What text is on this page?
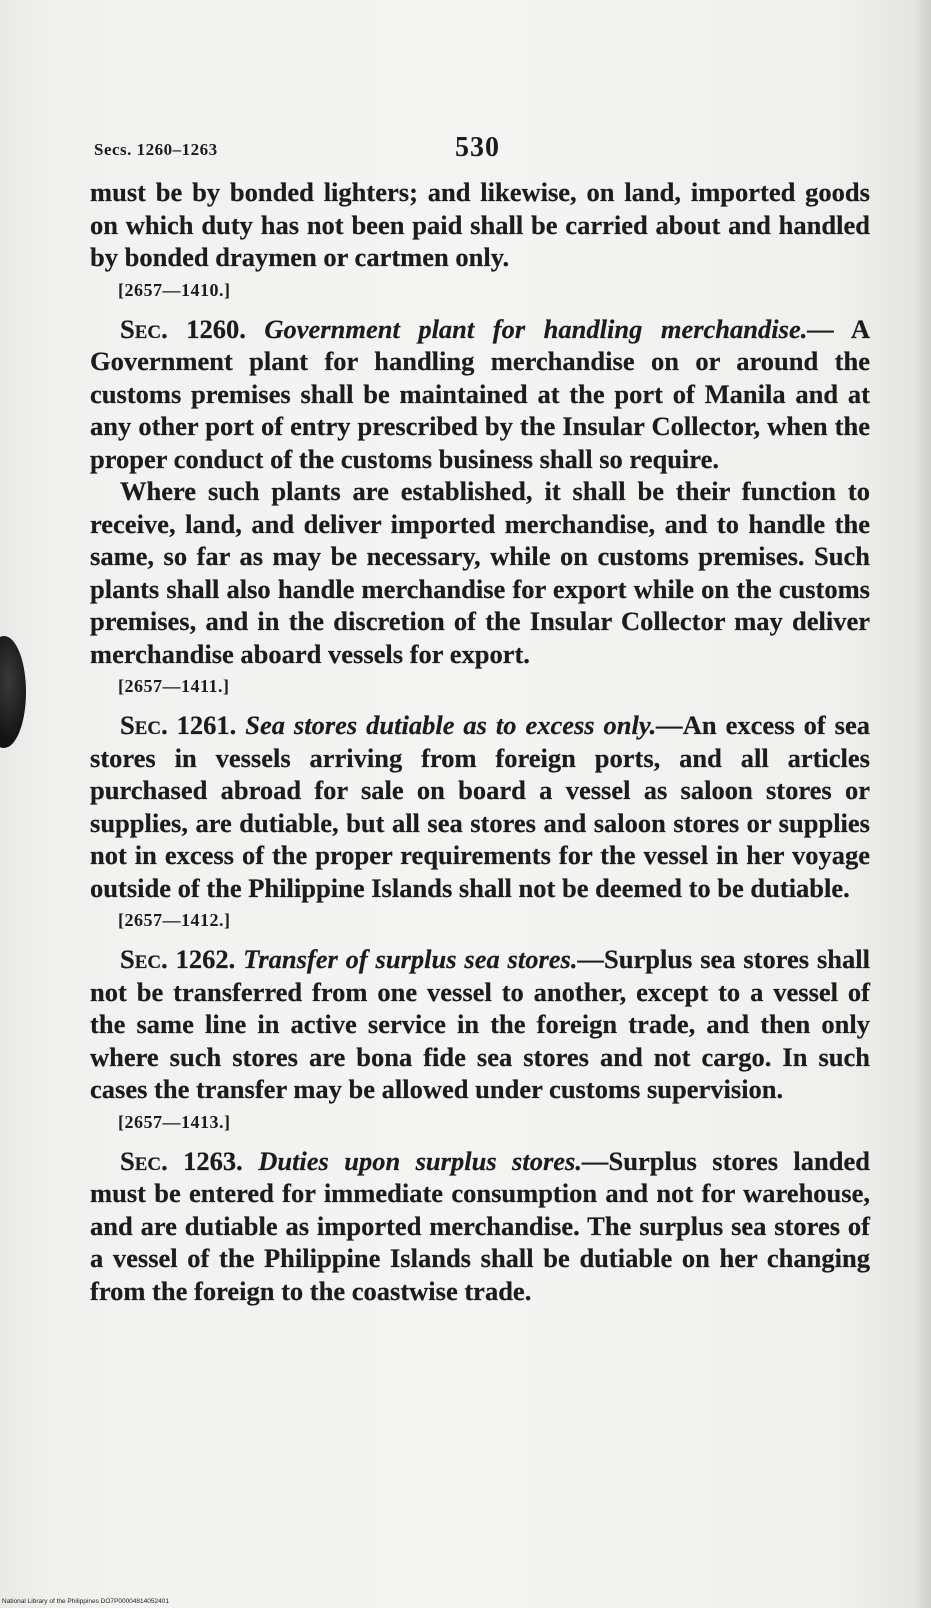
Secs. 1260–1263	530

must be by bonded lighters; and likewise, on land, imported goods on which duty has not been paid shall be carried about and handled by bonded draymen or cartmen only.

[2657—1410.]

Sec. 1260. Government plant for handling merchandise.— A Government plant for handling merchandise on or around the customs premises shall be maintained at the port of Manila and at any other port of entry prescribed by the Insular Collector, when the proper conduct of the customs business shall so require.

Where such plants are established, it shall be their function to receive, land, and deliver imported merchandise, and to handle the same, so far as may be necessary, while on customs premises. Such plants shall also handle merchandise for export while on the customs premises, and in the discretion of the Insular Collector may deliver merchandise aboard vessels for export.

[2657—1411.]

Sec. 1261. Sea stores dutiable as to excess only.—An excess of sea stores in vessels arriving from foreign ports, and all articles purchased abroad for sale on board a vessel as saloon stores or supplies, are dutiable, but all sea stores and saloon stores or supplies not in excess of the proper requirements for the vessel in her voyage outside of the Philippine Islands shall not be deemed to be dutiable.

[2657—1412.]

Sec. 1262. Transfer of surplus sea stores.—Surplus sea stores shall not be transferred from one vessel to another, except to a vessel of the same line in active service in the foreign trade, and then only where such stores are bona fide sea stores and not cargo. In such cases the transfer may be allowed under customs supervision.

[2657—1413.]

Sec. 1263. Duties upon surplus stores.—Surplus stores landed must be entered for immediate consumption and not for warehouse, and are dutiable as imported merchandise. The surplus sea stores of a vessel of the Philippine Islands shall be dutiable on her changing from the foreign to the coastwise trade.

National Library of the Philippines DO7P00004814052401
